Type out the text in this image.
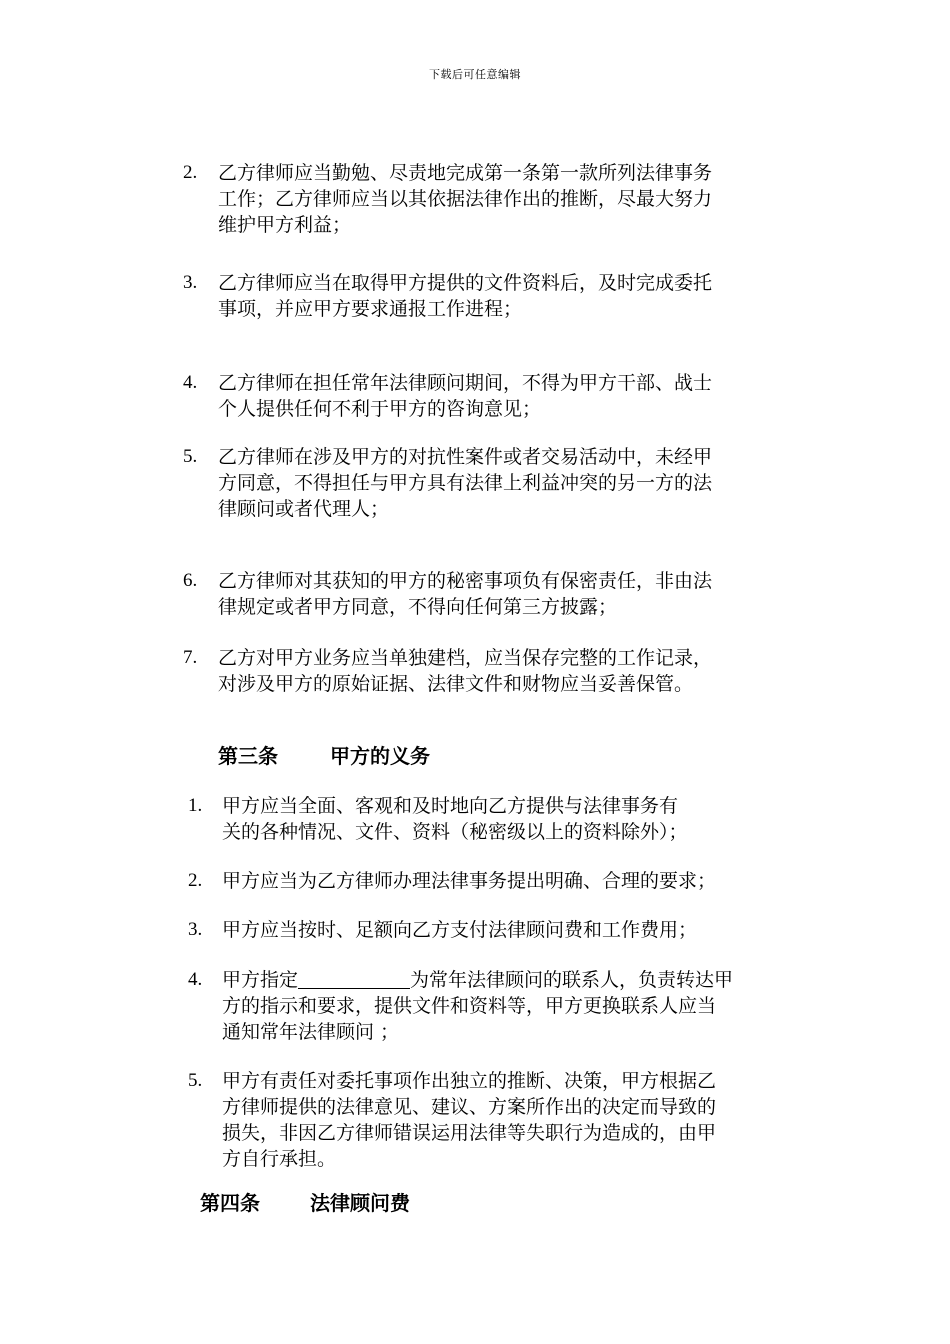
下载后可任意编辑
2. 乙方律师应当勤勉、尽责地完成第一条第一款所列法律事务
工作；乙方律师应当以其依据法律作出的推断，尽最大努力
维护甲方利益；
3. 乙方律师应当在取得甲方提供的文件资料后，及时完成委托
事项，并应甲方要求通报工作进程；
4. 乙方律师在担任常年法律顾问期间，不得为甲方干部、战士
个人提供任何不利于甲方的咨询意见；
5. 乙方律师在涉及甲方的对抗性案件或者交易活动中，未经甲
方同意，不得担任与甲方具有法律上利益冲突的另一方的法
律顾问或者代理人；
6. 乙方律师对其获知的甲方的秘密事项负有保密责任，非由法
律规定或者甲方同意，不得向任何第三方披露；
7. 乙方对甲方业务应当单独建档，应当保存完整的工作记录，
对涉及甲方的原始证据、法律文件和财物应当妥善保管。
第三条	甲方的义务
1. 甲方应当全面、客观和及时地向乙方提供与法律事务有
关的各种情况、文件、资料（秘密级以上的资料除外）；
2. 甲方应当为乙方律师办理法律事务提出明确、合理的要求；
3. 甲方应当按时、足额向乙方支付法律顾问费和工作费用；
4. 甲方指定	为常年法律顾问的联系人，负责转达甲
方的指示和要求，提供文件和资料等，甲方更换联系人应当
通知常年法律顾问 ；
5. 甲方有责任对委托事项作出独立的推断、决策，甲方根据乙
方律师提供的法律意见、建议、方案所作出的决定而导致的
损失，非因乙方律师错误运用法律等失职行为造成的，由甲
方自行承担。
第四条	法律顾问费
